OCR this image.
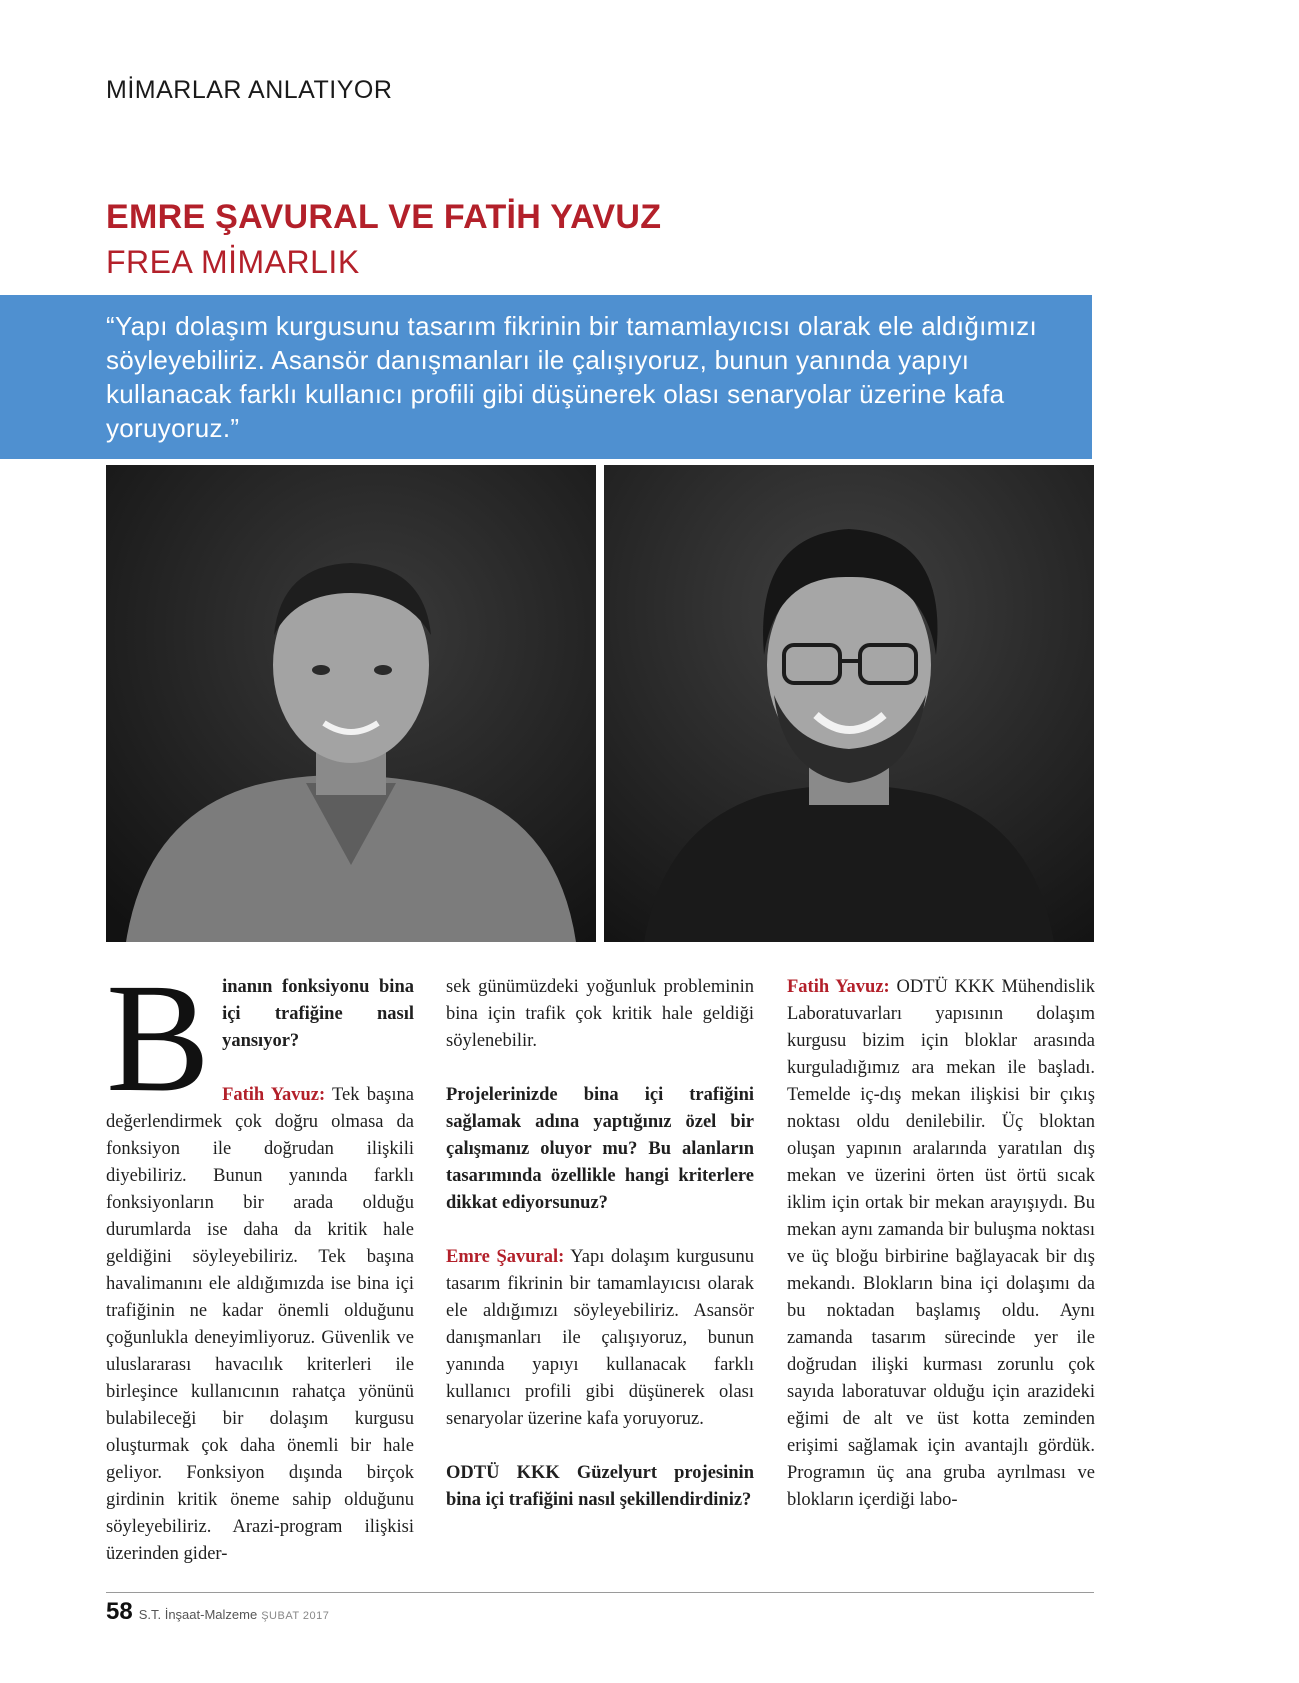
MİMARLAR ANLATIYOR
EMRE ŞAVURAL VE FATİH YAVUZ
FREA MİMARLIK
“Yapı dolaşım kurgusunu tasarım fikrinin bir tamamlayıcısı olarak ele aldığımızı söyleyebiliriz. Asansör danışmanları ile çalışıyoruz, bunun yanında yapıyı kullanacak farklı kullanıcı profili gibi düşünerek olası senaryolar üzerine kafa yoruyoruz.”
B inanın fonksiyonu bina içi trafiğine nasıl yansıyor?

Fatih Yavuz: Tek başına değerlendirmek çok doğru olmasa da fonksiyon ile doğrudan ilişkili diyebiliriz. Bunun yanında farklı fonksiyonların bir arada olduğu durumlarda ise daha da kritik hale geldiğini söyleyebiliriz. Tek başına havalimanını ele aldığımızda ise bina içi trafiğinin ne kadar önemli olduğunu çoğunlukla deneyimliyoruz. Güvenlik ve uluslararası havacılık kriterleri ile birleşince kullanıcının rahatça yönünü bulabileceği bir dolaşım kurgusu oluşturmak çok daha önemli bir hale geliyor. Fonksiyon dışında birçok girdinin kritik öneme sahip olduğunu söyleyebiliriz. Arazi-program ilişkisi üzerinden gider-

sek günümüzdeki yoğunluk probleminin bina için trafik çok kritik hale geldiği söylenebilir.

Projelerinizde bina içi trafiğini sağlamak adına yaptığınız özel bir çalışmanız oluyor mu? Bu alanların tasarımında özellikle hangi kriterlere dikkat ediyorsunuz?

Emre Şavural: Yapı dolaşım kurgusunu tasarım fikrinin bir tamamlayıcısı olarak ele aldığımızı söyleyebiliriz. Asansör danışmanları ile çalışıyoruz, bunun yanında yapıyı kullanacak farklı kullanıcı profili gibi düşünerek olası senaryolar üzerine kafa yoruyoruz.

ODTÜ KKK Güzelyurt projesinin bina içi trafiğini nasıl şekillendirdiniz?

Fatih Yavuz: ODTÜ KKK Mühendislik Laboratuvarları yapısının dolaşım kurgusu bizim için bloklar arasında kurguladığımız ara mekan ile başladı. Temelde iç-dış mekan ilişkisi bir çıkış noktası oldu denilebilir. Üç bloktan oluşan yapının aralarında yaratılan dış mekan ve üzerini örten üst örtü sıcak iklim için ortak bir mekan arayışıydı. Bu mekan aynı zamanda bir buluşma noktası ve üç bloğu birbirine bağlayacak bir dış mekandı. Blokların bina içi dolaşımı da bu noktadan başlamış oldu. Aynı zamanda tasarım sürecinde yer ile doğrudan ilişki kurması zorunlu çok sayıda laboratuvar olduğu için arazideki eğimi de alt ve üst kotta zeminden erişimi sağlamak için avantajlı gördük. Programın üç ana gruba ayrılması ve blokların içerdiği labo-

58 S.T. İnşaat-Malzeme ŞUBAT 2017
